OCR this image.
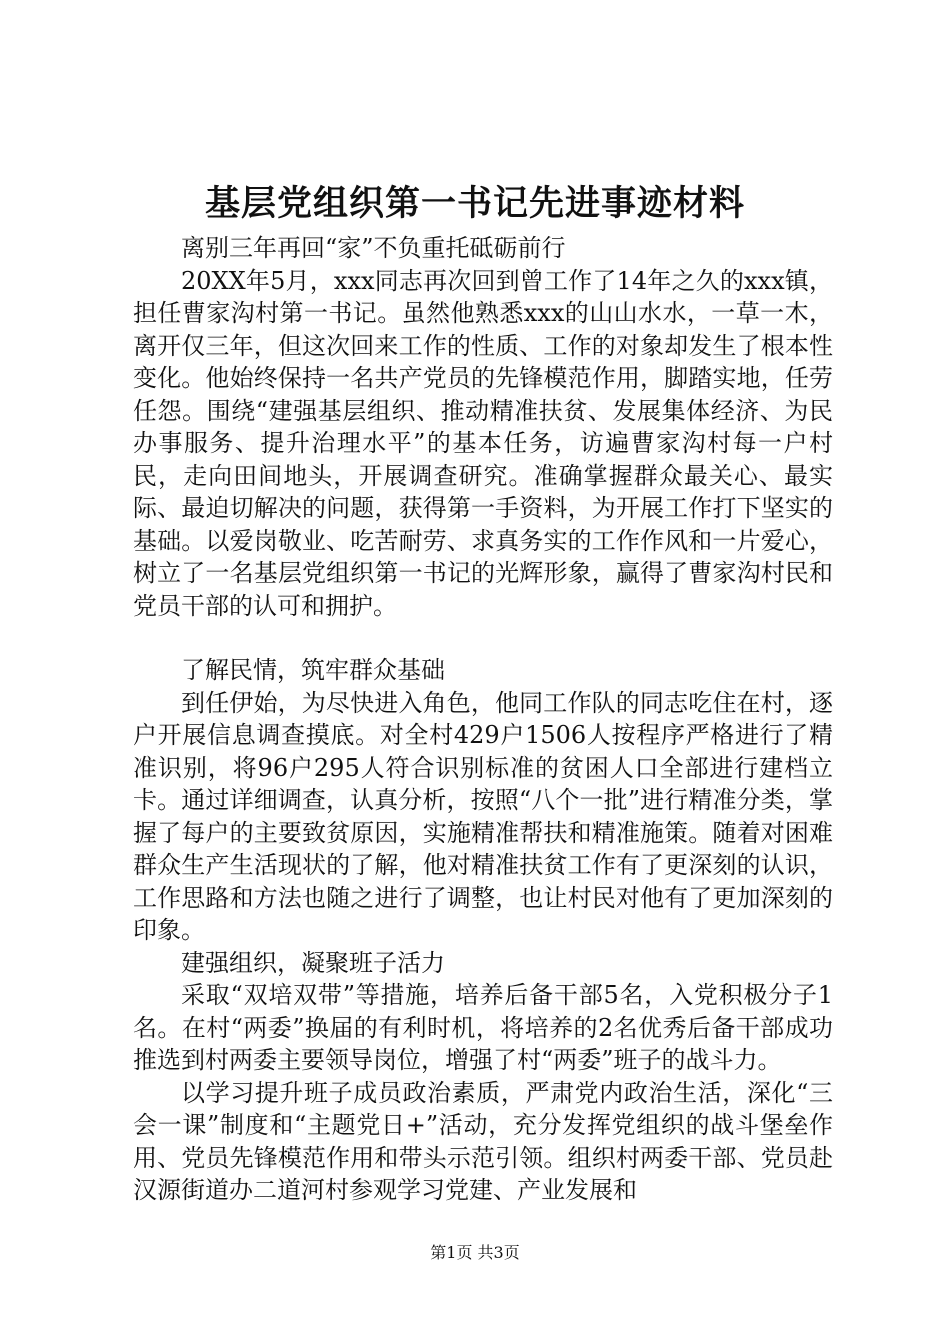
基层党组织第一书记先进事迹材料

离别三年再回“家”不负重托砥砺前行

20XX年5月，xxx同志再次回到曾工作了14年之久的xxx镇，担任曹家沟村第一书记。虽然他熟悉xxx的山山水水，一草一木，离开仅三年，但这次回来工作的性质、工作的对象却发生了根本性变化。他始终保持一名共产党员的先锋模范作用，脚踏实地，任劳任怨。围绕“建强基层组织、推动精准扶贫、发展集体经济、为民办事服务、提升治理水平”的基本任务，访遍曹家沟村每一户村民，走向田间地头，开展调查研究。准确掌握群众最关心、最实际、最迫切解决的问题，获得第一手资料，为开展工作打下坚实的基础。以爱岗敬业、吃苦耐劳、求真务实的工作作风和一片爱心，树立了一名基层党组织第一书记的光辉形象，赢得了曹家沟村民和党员干部的认可和拥护。

了解民情，筑牢群众基础

到任伊始，为尽快进入角色，他同工作队的同志吃住在村，逐户开展信息调查摸底。对全村429户1506人按程序严格进行了精准识别，将96户295人符合识别标准的贫困人口全部进行建档立卡。通过详细调查，认真分析，按照“八个一批”进行精准分类，掌握了每户的主要致贫原因，实施精准帮扶和精准施策。随着对困难群众生产生活现状的了解，他对精准扶贫工作有了更深刻的认识，工作思路和方法也随之进行了调整，也让村民对他有了更加深刻的印象。

建强组织，凝聚班子活力

采取“双培双带”等措施，培养后备干部5名，入党积极分子1名。在村“两委”换届的有利时机，将培养的2名优秀后备干部成功推选到村两委主要领导岗位，增强了村“两委”班子的战斗力。

以学习提升班子成员政治素质，严肃党内政治生活，深化“三会一课”制度和“主题党日+”活动，充分发挥党组织的战斗堡垒作用、党员先锋模范作用和带头示范引领。组织村两委干部、党员赴汉源街道办二道河村参观学习党建、产业发展和

第1页 共3页
